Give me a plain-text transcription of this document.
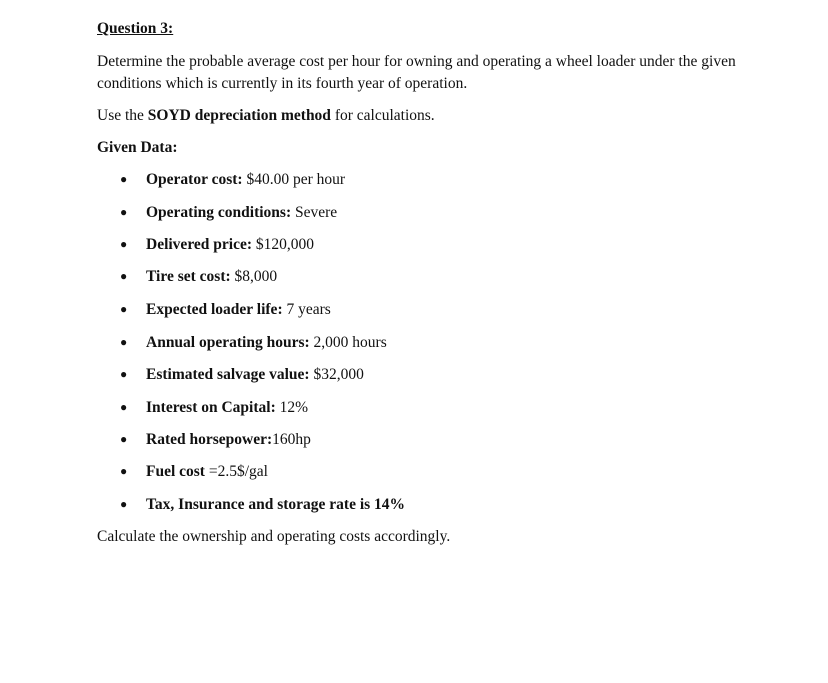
Question 3:

Determine the probable average cost per hour for owning and operating a wheel loader under the given conditions which is currently in its fourth year of operation.

Use the SOYD depreciation method for calculations.

Given Data:
● Operator cost: $40.00 per hour
● Operating conditions: Severe
● Delivered price: $120,000
● Tire set cost: $8,000
● Expected loader life: 7 years
● Annual operating hours: 2,000 hours
● Estimated salvage value: $32,000
● Interest on Capital: 12%
● Rated horsepower:160hp
● Fuel cost =2.5$/gal
● Tax, Insurance and storage rate is 14%
Calculate the ownership and operating costs accordingly.
